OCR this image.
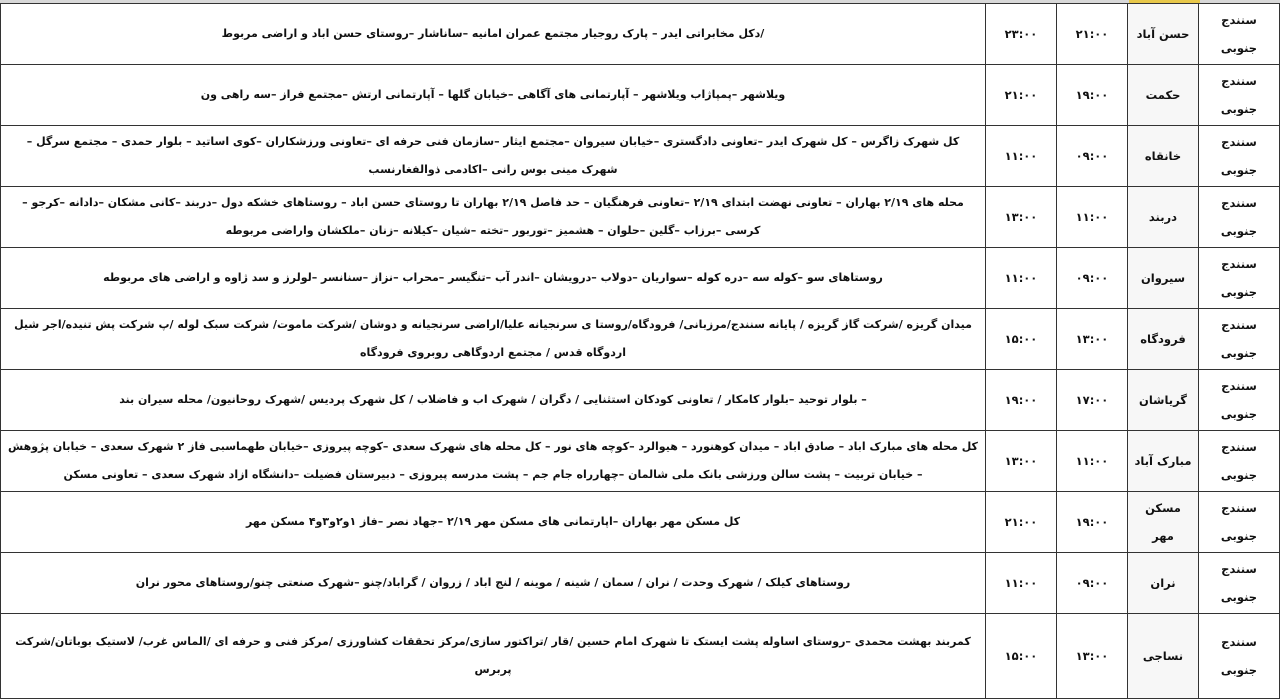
سنندج جنوبی	حسن آباد	۲۱:۰۰	۲۳:۰۰	/دکل مخابراتی ایدر – پارک روجیار مجتمع عمران امانیه –ساناشار –روستای حسن اباد و اراضی مربوط
سنندج جنوبی	حکمت	۱۹:۰۰	۲۱:۰۰	ویلاشهر –پمپاژاب ویلاشهر – آپارتمانی های آگاهی –خیابان گلها – آپارتمانی ارتش –مجتمع فراز –سه راهی ون
سنندج جنوبی	خانقاه	۰۹:۰۰	۱۱:۰۰	کل شهرک زاگرس – کل شهرک ایدر –تعاونی دادگستری –خیابان سیروان –مجتمع ایثار –سازمان فنی حرفه ای –تعاونی ورزشکاران –کوی اساتید – بلوار حمدی – مجتمع سرگل – شهرک مینی بوس رانی –اکادمی ذوالفغارنسب
سنندج جنوبی	دربند	۱۱:۰۰	۱۳:۰۰	محله های ۲/۱۹ بهاران – تعاونی نهضت ابتدای ۲/۱۹ –تعاونی فرهنگیان – حد فاصل ۲/۱۹ بهاران تا روستای حسن اباد – روستاهای خشکه دول –دربند –کانی مشکان –دادانه –کرجو –کرسی –برزاب –گلین –حلوان – هشمیز –توربور –تخته –شیان –کیلانه –زنان –ملکشان واراضی مربوطه
سنندج جنوبی	سیروان	۰۹:۰۰	۱۱:۰۰	روستاهای سو –کوله سه –دره کوله –سواریان –دولاب –درویشان –اندر آب –تنگیسر –محراب –نزاز –سنانسر –لولرز و سد ژاوه و اراضی های مربوطه
سنندج جنوبی	فرودگاه	۱۳:۰۰	۱۵:۰۰	میدان گریزه /شرکت گاز گریزه / پایانه سنندج/مرزبانی/ فرودگاه/روستا ی سرنجیانه علیا/اراضی سرنجیانه و دوشان /شرکت ماموت/ شرکت سبک لوله /پ شرکت پش تنیده/اجر شیل اردوگاه قدس / مجتمع اردوگاهی روبروی فرودگاه
سنندج جنوبی	گریاشان	۱۷:۰۰	۱۹:۰۰	– بلوار توحید –بلوار کامکار / تعاونی کودکان استثنایی / دگران / شهرک اب و فاضلاب / کل شهرک پردیس /شهرک روحانیون/ محله سیران بند
سنندج جنوبی	مبارک آباد	۱۱:۰۰	۱۳:۰۰	کل محله های مبارک اباد – صادق اباد – میدان کوهنورد – هیوالرد –کوچه های نور – کل محله های شهرک سعدی –کوچه پیروزی –خیابان طهماسبی فاز ۲ شهرک سعدی – خیابان پژوهش – خیابان تربیت – پشت سالن ورزشی بانک ملی شالمان –چهارراه جام جم – پشت مدرسه پیروزی – دبیرستان فضیلت –دانشگاه ازاد شهرک سعدی – تعاونی مسکن
سنندج جنوبی	مسکن مهر	۱۹:۰۰	۲۱:۰۰	کل مسکن مهر بهاران –اپارتمانی های مسکن مهر ۲/۱۹ –جهاد نصر –فاز ۱و۲و۳و۴ مسکن مهر
سنندج جنوبی	نران	۰۹:۰۰	۱۱:۰۰	روستاهای کیلک / شهرک وحدت / نران / سمان / شینه / موینه / لنج اباد / زروان / گراباد/چنو –شهرک صنعتی چنو/روستاهای محور نران
سنندج جنوبی	نساجی	۱۳:۰۰	۱۵:۰۰	کمربند بهشت محمدی –روستای اساوله پشت ایستک تا شهرک امام حسین /قار /تراکتور سازی/مرکز تحققات کشاورزی /مرکز فنی و حرفه ای /الماس غرب/ لاستیک بوباتان/شرکت پربرس
